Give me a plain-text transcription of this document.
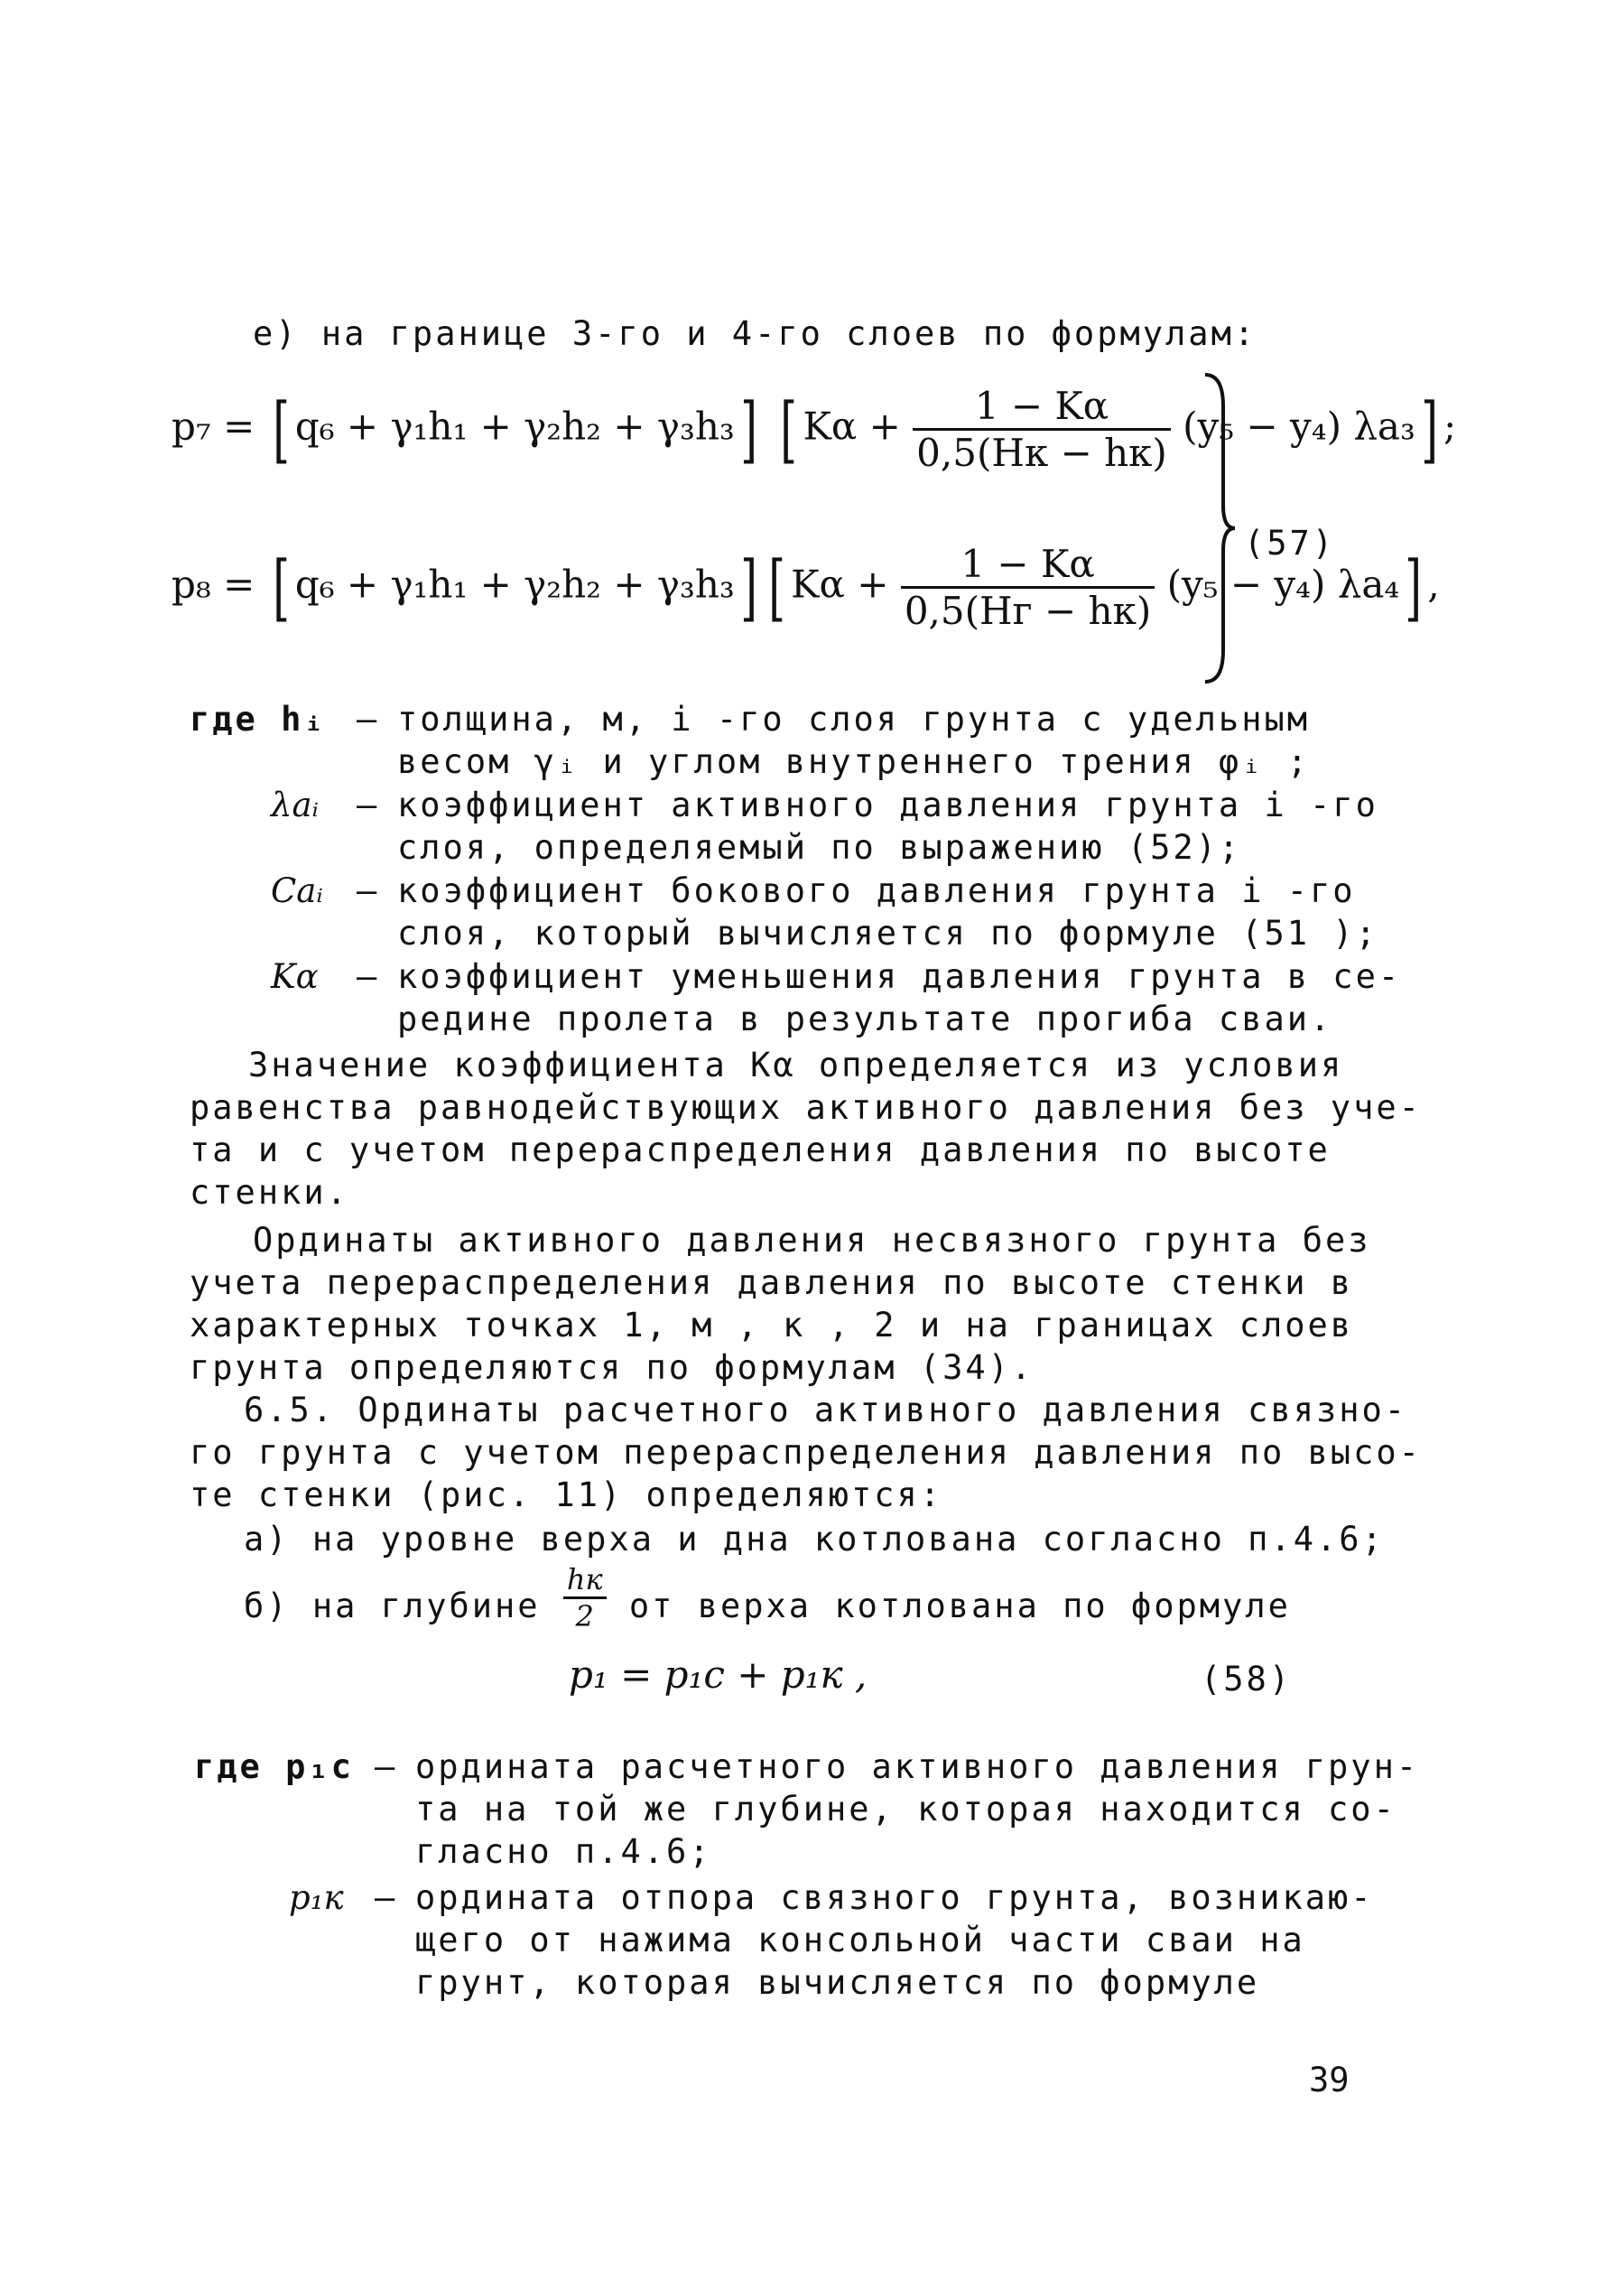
е) на границе 3-го и 4-го слоев по формулам:
p₇ = [ q₆ + γ₁h₁ + γ₂h₂ + γ₃h₃] [ $K\alpha + \frac{1 - K\alpha}{0,5(Hк - hк)} (y_5 - y_4)$ λa₃] ;
p₈ = [ q₆ + γ₁h₁ + γ₂h₂ + γ₃h₃] [ $K\alpha + \frac{1 - K\alpha}{0,5(Hг - hк)} (y_5 - y_4)$ λa₄] ,
(57)
где hᵢ – толщина, м, i -го слоя грунта с удельным
весом γᵢ и углом внутреннего трения φᵢ ;
λaᵢ – коэффициент активного давления грунта i -го
слоя, определяемый по выражению (52);
Caᵢ – коэффициент бокового давления грунта i -го
слоя, который вычисляется по формуле (51 );
Kα – коэффициент уменьшения давления грунта в се-
редине пролета в результате прогиба сваи.
Значение коэффициента Kα определяется из условия
равенства равнодействующих активного давления без уче-
та и с учетом перераспределения давления по высоте
стенки.
Ординаты активного давления несвязного грунта без
учета перераспределения давления по высоте стенки в
характерных точках 1, м , к , 2 и на границах слоев
грунта определяются по формулам (34).
6.5. Ординаты расчетного активного давления связно-
го грунта с учетом перераспределения давления по высо-
те стенки (рис. 11) определяются:
а) на уровне верха и дна котлована согласно п.4.6;
б) на глубине $\frac{hк}{2}$ от верха котлована по формуле
p₁ = p₁c + p₁к ,	(58)
где p₁c – ордината расчетного активного давления грун-
та на той же глубине, которая находится со-
гласно п.4.6;
p₁к – ордината отпора связного грунта, возникаю-
щего от нажима консольной части сваи на
грунт, которая вычисляется по формуле
39
